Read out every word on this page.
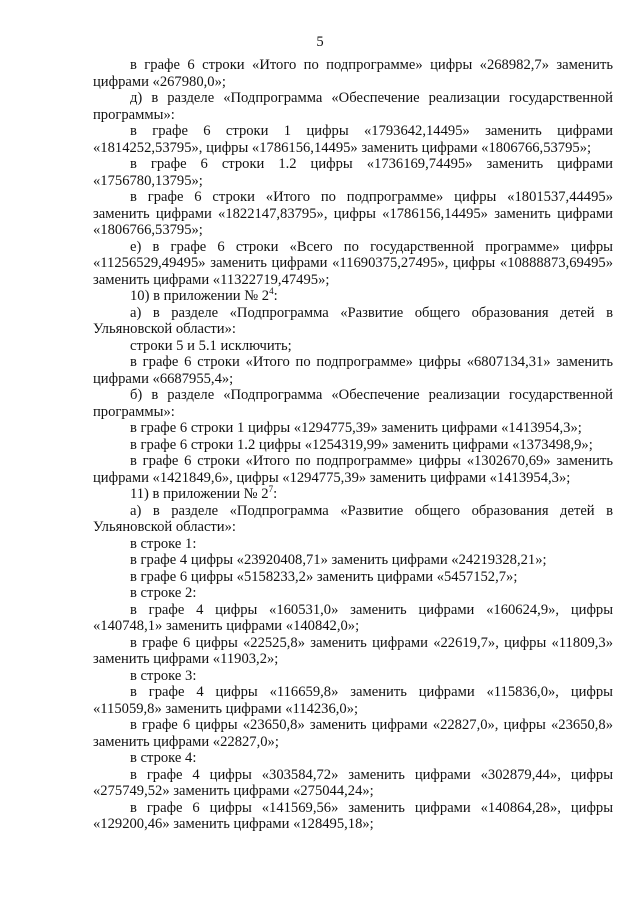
5

в графе 6 строки «Итого по подпрограмме» цифры «268982,7» заменить цифрами «267980,0»;

д) в разделе «Подпрограмма «Обеспечение реализации государственной программы»:

в графе 6 строки 1 цифры «1793642,14495» заменить цифрами «1814252,53795», цифры «1786156,14495» заменить цифрами «1806766,53795»;

в графе 6 строки 1.2 цифры «1736169,74495» заменить цифрами «1756780,13795»;

в графе 6 строки «Итого по подпрограмме» цифры «1801537,44495» заменить цифрами «1822147,83795», цифры «1786156,14495» заменить цифрами «1806766,53795»;

е) в графе 6 строки «Всего по государственной программе» цифры «11256529,49495» заменить цифрами «11690375,27495», цифры «10888873,69495» заменить цифрами «11322719,47495»;

10) в приложении № $2^4$:

а) в разделе «Подпрограмма «Развитие общего образования детей в Ульяновской области»:

строки 5 и 5.1 исключить;

в графе 6 строки «Итого по подпрограмме» цифры «6807134,31» заменить цифрами «6687955,4»;

б) в разделе «Подпрограмма «Обеспечение реализации государственной программы»:

в графе 6 строки 1 цифры «1294775,39» заменить цифрами «1413954,3»;

в графе 6 строки 1.2 цифры «1254319,99» заменить цифрами «1373498,9»;

в графе 6 строки «Итого по подпрограмме» цифры «1302670,69» заменить цифрами «1421849,6», цифры «1294775,39» заменить цифрами «1413954,3»;

11) в приложении № $2^7$:

а) в разделе «Подпрограмма «Развитие общего образования детей в Ульяновской области»:

в строке 1:

в графе 4 цифры «23920408,71» заменить цифрами «24219328,21»;

в графе 6 цифры «5158233,2» заменить цифрами «5457152,7»;

в строке 2:

в графе 4 цифры «160531,0» заменить цифрами «160624,9», цифры «140748,1» заменить цифрами «140842,0»;

в графе 6 цифры «22525,8» заменить цифрами «22619,7», цифры «11809,3» заменить цифрами «11903,2»;

в строке 3:

в графе 4 цифры «116659,8» заменить цифрами «115836,0», цифры «115059,8» заменить цифрами «114236,0»;

в графе 6 цифры «23650,8» заменить цифрами «22827,0», цифры «23650,8» заменить цифрами «22827,0»;

в строке 4:

в графе 4 цифры «303584,72» заменить цифрами «302879,44», цифры «275749,52» заменить цифрами «275044,24»;

в графе 6 цифры «141569,56» заменить цифрами «140864,28», цифры «129200,46» заменить цифрами «128495,18»;
